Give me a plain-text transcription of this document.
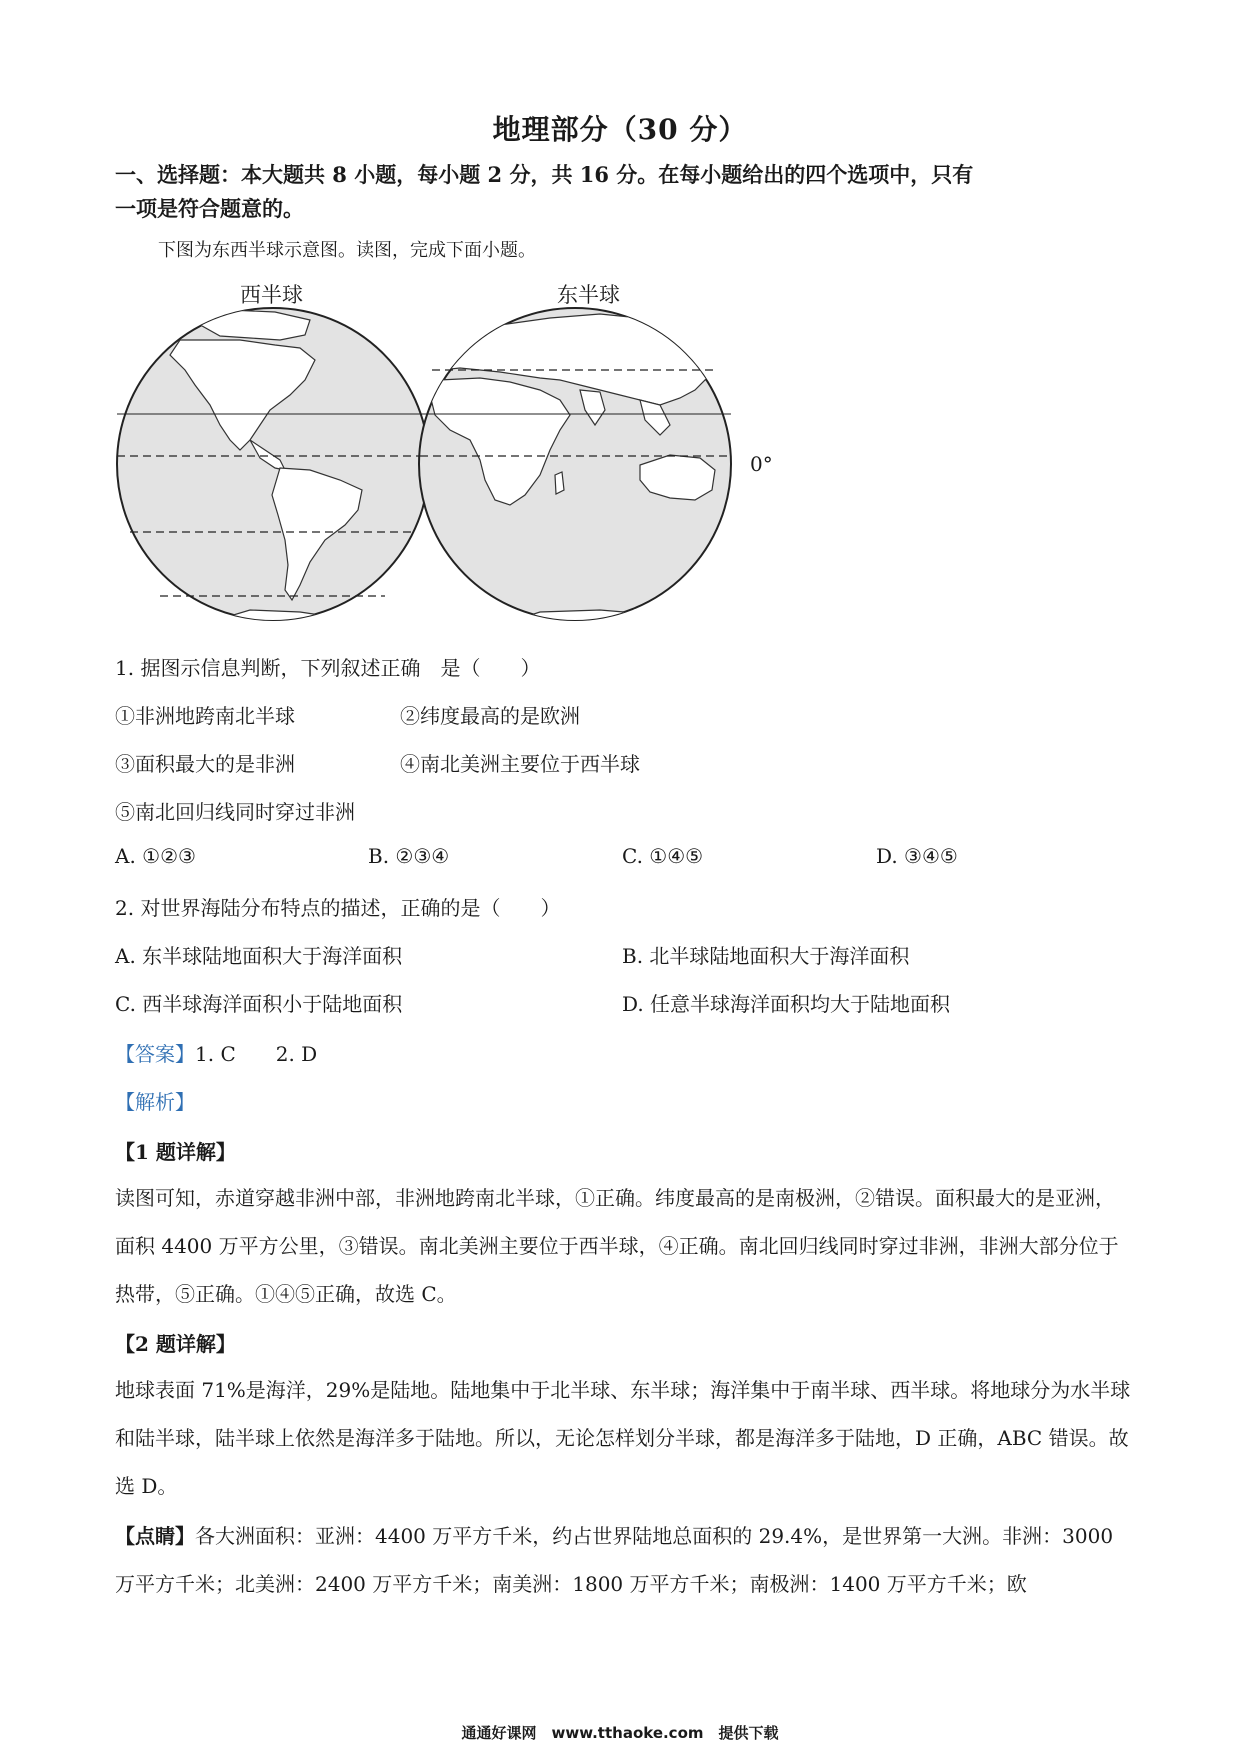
地理部分（30 分）
一、选择题：本大题共 8 小题，每小题 2 分，共 16 分。在每小题给出的四个选项中，只有
一项是符合题意的。
下图为东西半球示意图。读图，完成下面小题。
西半球	东半球
0°
1. 据图示信息判断，下列叙述正确　是（　　）
①非洲地跨南北半球	②纬度最高的是欧洲
③面积最大的是非洲	④南北美洲主要位于西半球
⑤南北回归线同时穿过非洲
A. ①②③	B. ②③④	C. ①④⑤	D. ③④⑤
2. 对世界海陆分布特点的描述，正确的是（　　）
A. 东半球陆地面积大于海洋面积	B. 北半球陆地面积大于海洋面积
C. 西半球海洋面积小于陆地面积	D. 任意半球海洋面积均大于陆地面积
【答案】1. C　　2. D
【解析】
【1 题详解】
读图可知，赤道穿越非洲中部，非洲地跨南北半球，①正确。纬度最高的是南极洲，②错误。面积最大的是亚洲，　面积 4400 万平方公里，③错误。南北美洲主要位于西半球，④正确。南北回归线同时穿过非洲，非洲大部分位于热带，⑤正确。①④⑤正确，故选 C。
【2 题详解】
地球表面 71%是海洋，29%是陆地。陆地集中于北半球、东半球；海洋集中于南半球、西半球。将地球分为水半球和陆半球，陆半球上依然是海洋多于陆地。所以，无论怎样划分半球，都是海洋多于陆地，D 正确，ABC 错误。故选 D。
【点睛】各大洲面积：亚洲：4400 万平方千米，约占世界陆地总面积的 29.4%，是世界第一大洲。非洲：3000 万平方千米；北美洲：2400 万平方千米；南美洲：1800 万平方千米；南极洲：1400 万平方千米；欧
通通好课网　www.tthaoke.com　提供下载
